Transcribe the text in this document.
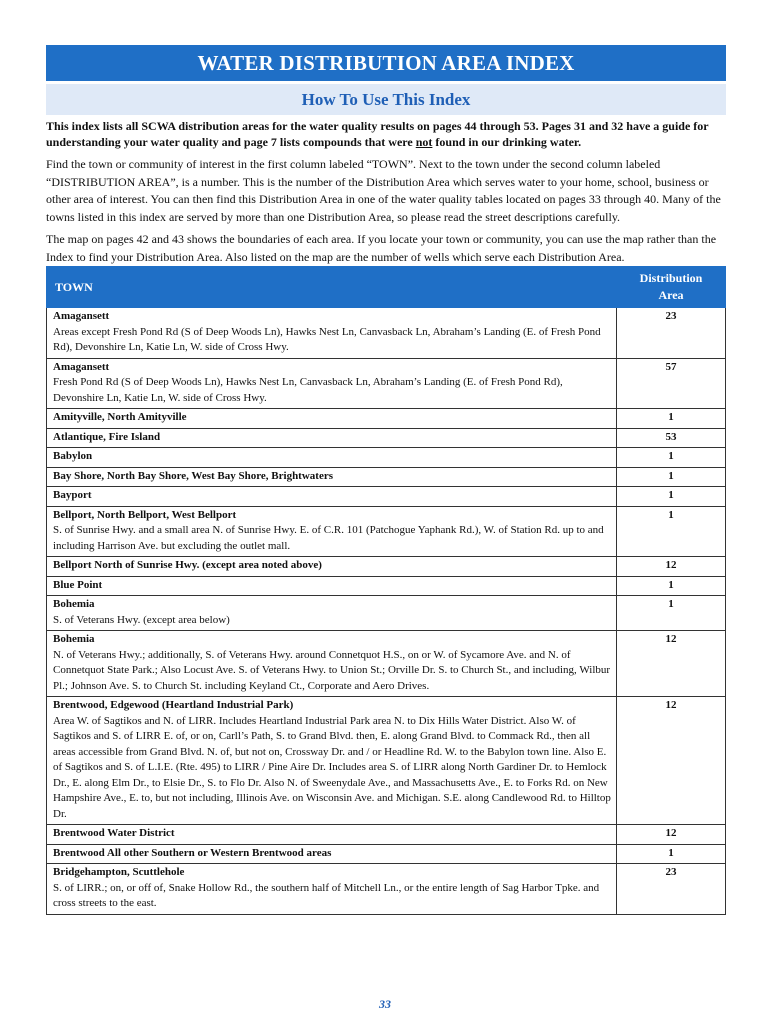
WATER DISTRIBUTION AREA INDEX
How To Use This Index
This index lists all SCWA distribution areas for the water quality results on pages 44 through 53. Pages 31 and 32 have a guide for understanding your water quality and page 7 lists compounds that were not found in our drinking water.
Find the town or community of interest in the first column labeled “TOWN”. Next to the town under the second column labeled “DISTRIBUTION AREA”, is a number. This is the number of the Distribution Area which serves water to your home, school, business or other area of interest. You can then find this Distribution Area in one of the water quality tables located on pages 33 through 40. Many of the towns listed in this index are served by more than one Distribution Area, so please read the street descriptions carefully.
The map on pages 42 and 43 shows the boundaries of each area. If you locate your town or community, you can use the map rather than the Index to find your Distribution Area. Also listed on the map are the number of wells which serve each Distribution Area.
TOWN	Distribution
Area

Amagansett
Areas except Fresh Pond Rd (S of Deep Woods Ln), Hawks Nest Ln, Canvasback Ln, Abraham’s Landing (E. of Fresh Pond Rd), Devonshire Ln, Katie Ln, W. side of Cross Hwy.	23

Amagansett
Fresh Pond Rd (S of Deep Woods Ln), Hawks Nest Ln, Canvasback Ln, Abraham’s Landing (E. of Fresh Pond Rd), Devonshire Ln, Katie Ln, W. side of Cross Hwy.	57

Amityville, North Amityville	1

Atlantique, Fire Island	53

Babylon	1

Bay Shore, North Bay Shore, West Bay Shore, Brightwaters	1

Bayport	1

Bellport, North Bellport, West Bellport
S. of Sunrise Hwy. and a small area N. of Sunrise Hwy. E. of C.R. 101 (Patchogue Yaphank Rd.), W. of Station Rd. up to and including Harrison Ave. but excluding the outlet mall.	1

Bellport North of Sunrise Hwy. (except area noted above)	12

Blue Point	1

Bohemia
S. of Veterans Hwy. (except area below)	1

Bohemia
N. of Veterans Hwy.; additionally, S. of Veterans Hwy. around Connetquot H.S., on or W. of Sycamore Ave. and N. of Connetquot State Park.; Also Locust Ave. S. of Veterans Hwy. to Union St.; Orville Dr. S. to Church St., and including, Wilbur Pl.; Johnson Ave. S. to Church St. including Keyland Ct., Corporate and Aero Drives.	12

Brentwood, Edgewood (Heartland Industrial Park)
Area W. of Sagtikos and N. of LIRR. Includes Heartland Industrial Park area N. to Dix Hills Water District. Also W. of Sagtikos and S. of LIRR E. of, or on, Carll’s Path, S. to Grand Blvd. then, E. along Grand Blvd. to Commack Rd., then all areas accessible from Grand Blvd. N. of, but not on, Crossway Dr. and / or Headline Rd. W. to the Babylon town line. Also E. of Sagtikos and S. of L.I.E. (Rte. 495) to LIRR / Pine Aire Dr. Includes area S. of LIRR along North Gardiner Dr. to Hemlock Dr., E. along Elm Dr., to Elsie Dr., S. to Flo Dr. Also N. of Sweenydale Ave., and Massachusetts Ave., E. to Forks Rd. on New Hampshire Ave., E. to, but not including, Illinois Ave. on Wisconsin Ave. and Michigan. S.E. along Candlewood Rd. to Hilltop Dr.	12

Brentwood Water District	12

Brentwood All other Southern or Western Brentwood areas	1

Bridgehampton, Scuttlehole
S. of LIRR.; on, or off of, Snake Hollow Rd., the southern half of Mitchell Ln., or the entire length of Sag Harbor Tpke. and cross streets to the east.	23
33
